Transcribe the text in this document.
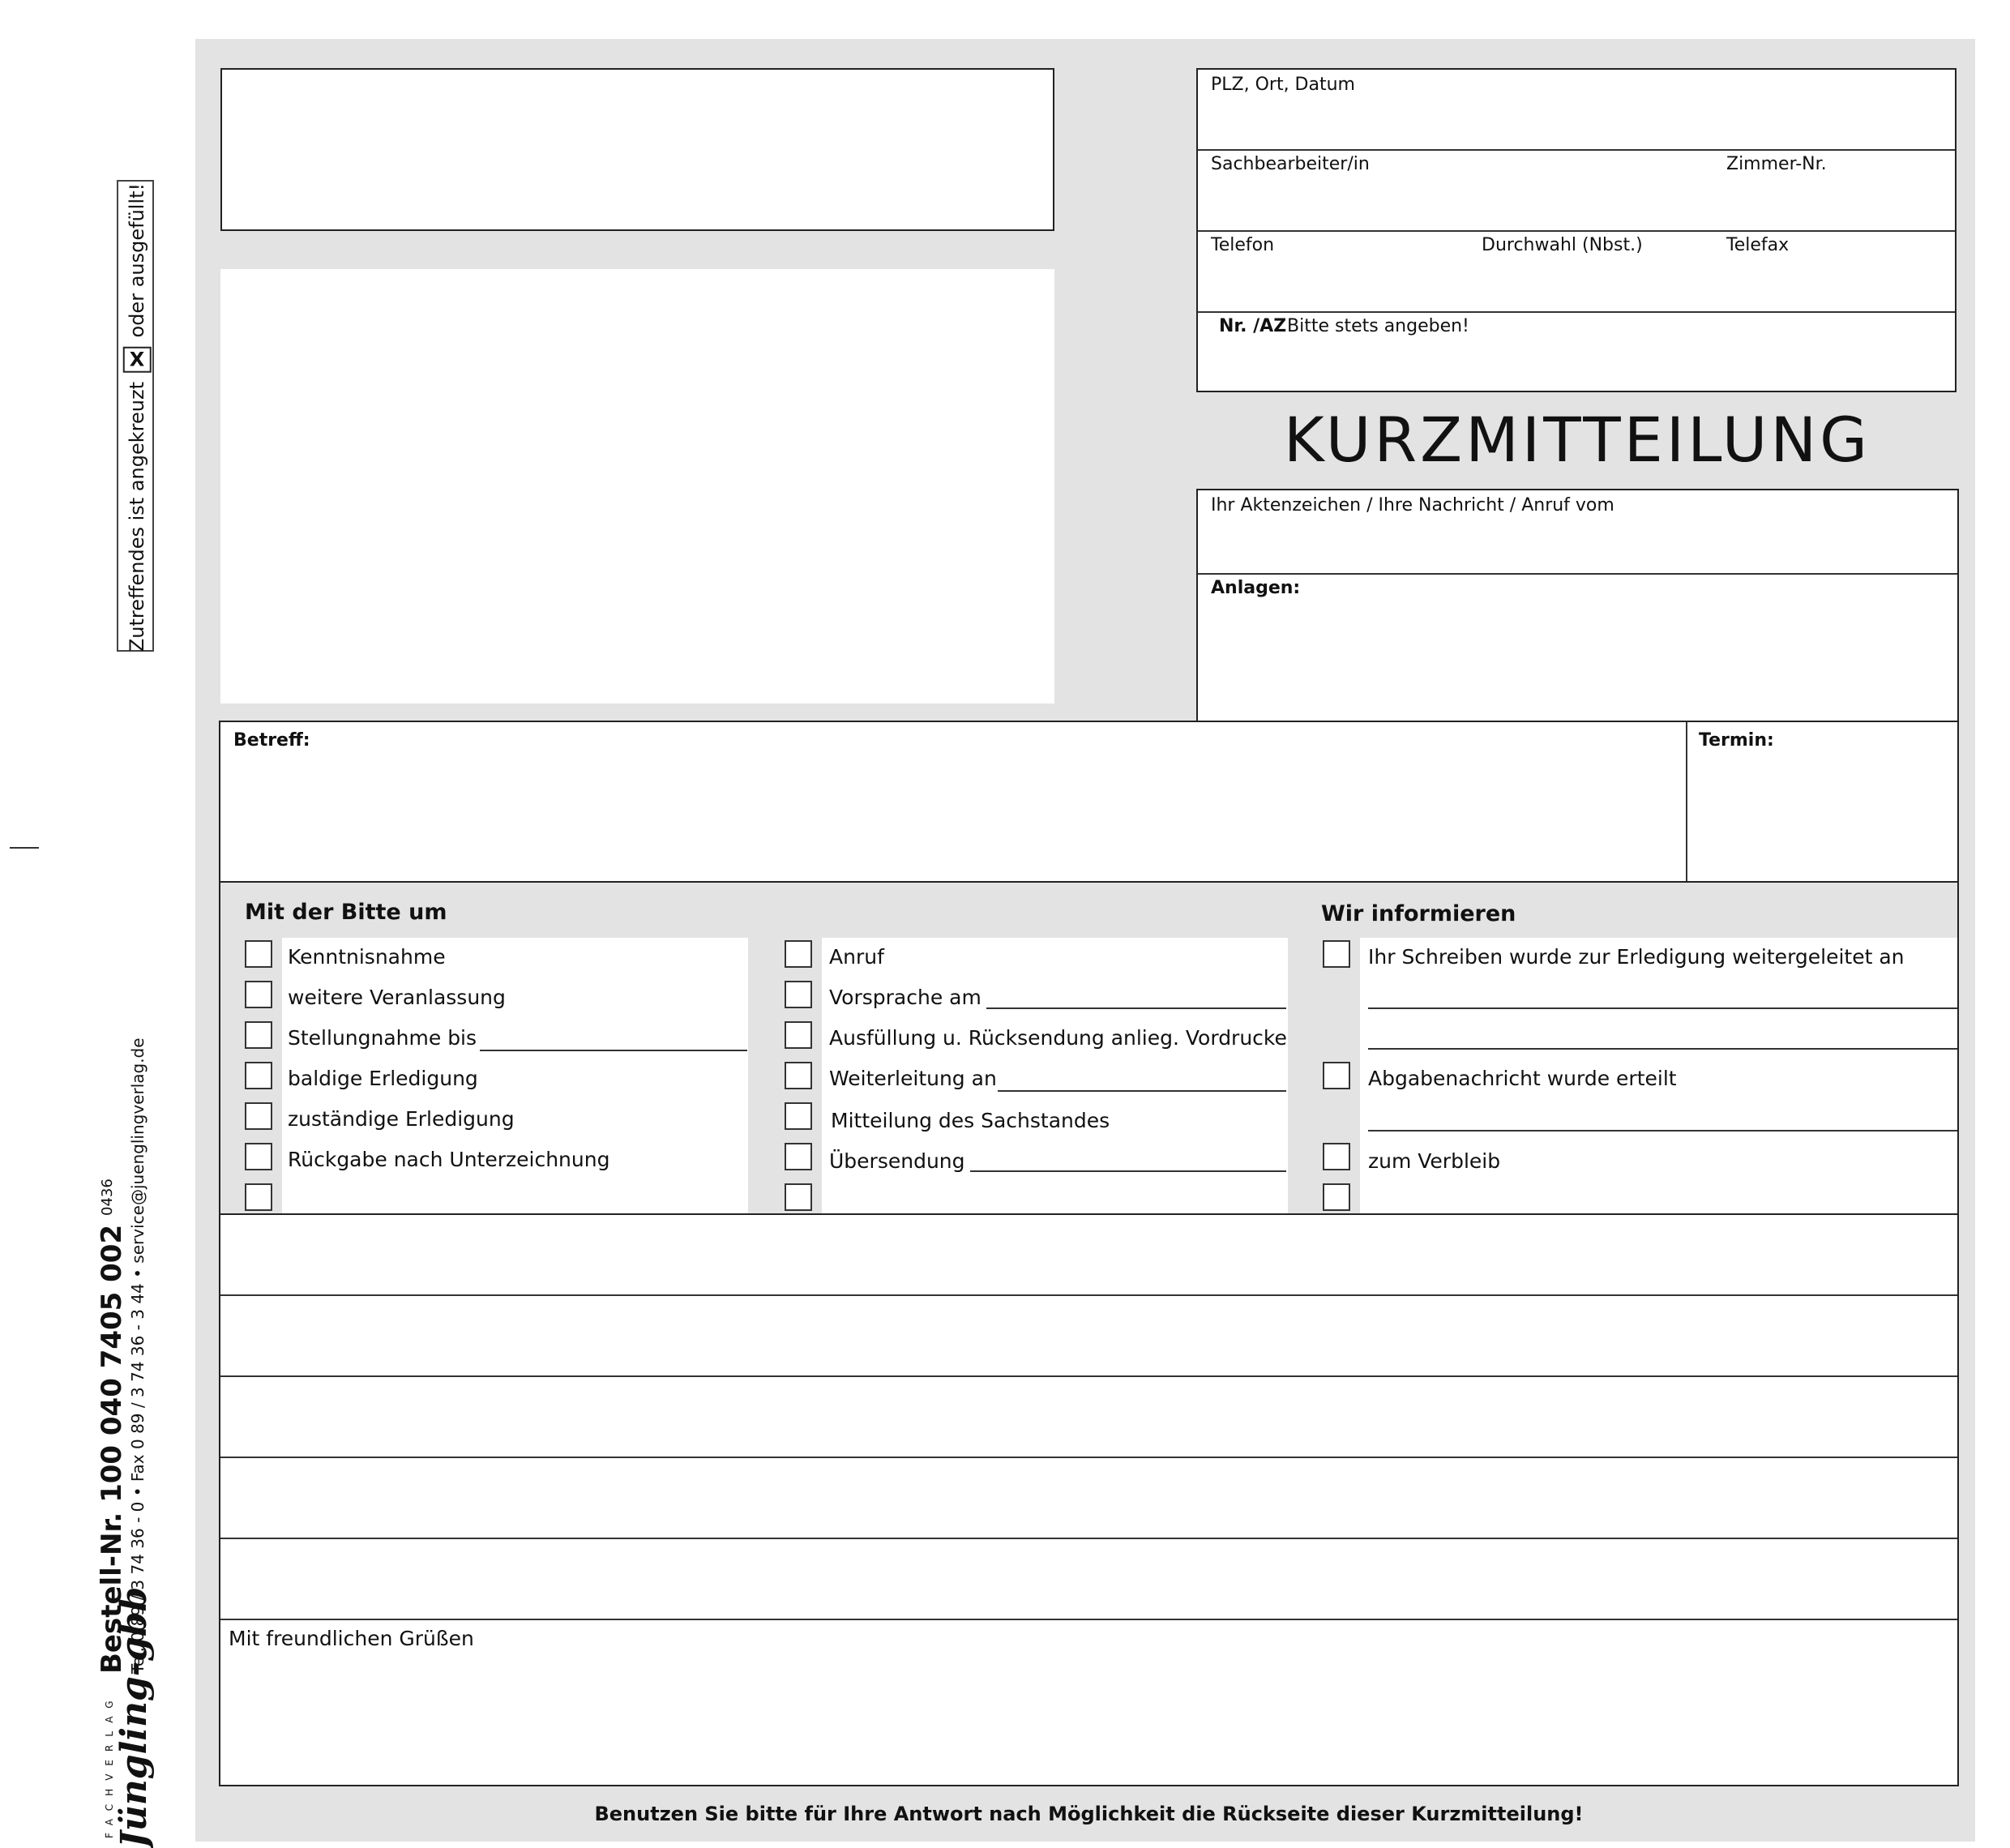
Zutreffendes ist angekreuzt
X
oder ausgefüllt!
Jüngling-gbb
FACHVERLAG
Bestell-Nr. 100 040 7405 002 Tel. 0 89 / 3 74 36 - 0 • Fax 0 89 / 3 74 36 - 3 44 • service@juenglingverlag.de
0436
PLZ, Ort, Datum
Sachbearbeiter/in	Zimmer-Nr.
Telefon	Durchwahl (Nbst.)	Telefax
Nr. /AZ Bitte stets angeben!
KURZMITTEILUNG
Ihr Aktenzeichen / Ihre Nachricht / Anruf vom
Anlagen:
Betreff:	Termin:
Mit der Bitte um	Wir informieren
Kenntnisnahme
weitere Veranlassung
Stellungnahme bis
baldige Erledigung
zuständige Erledigung
Rückgabe nach Unterzeichnung
Anruf
Vorsprache am
Ausfüllung u. Rücksendung anlieg. Vordrucke
Weiterleitung an
Mitteilung des Sachstandes
Übersendung
Ihr Schreiben wurde zur Erledigung weitergeleitet an
Abgabenachricht wurde erteilt
zum Verbleib
Mit freundlichen Grüßen
Benutzen Sie bitte für Ihre Antwort nach Möglichkeit die Rückseite dieser Kurzmitteilung!
